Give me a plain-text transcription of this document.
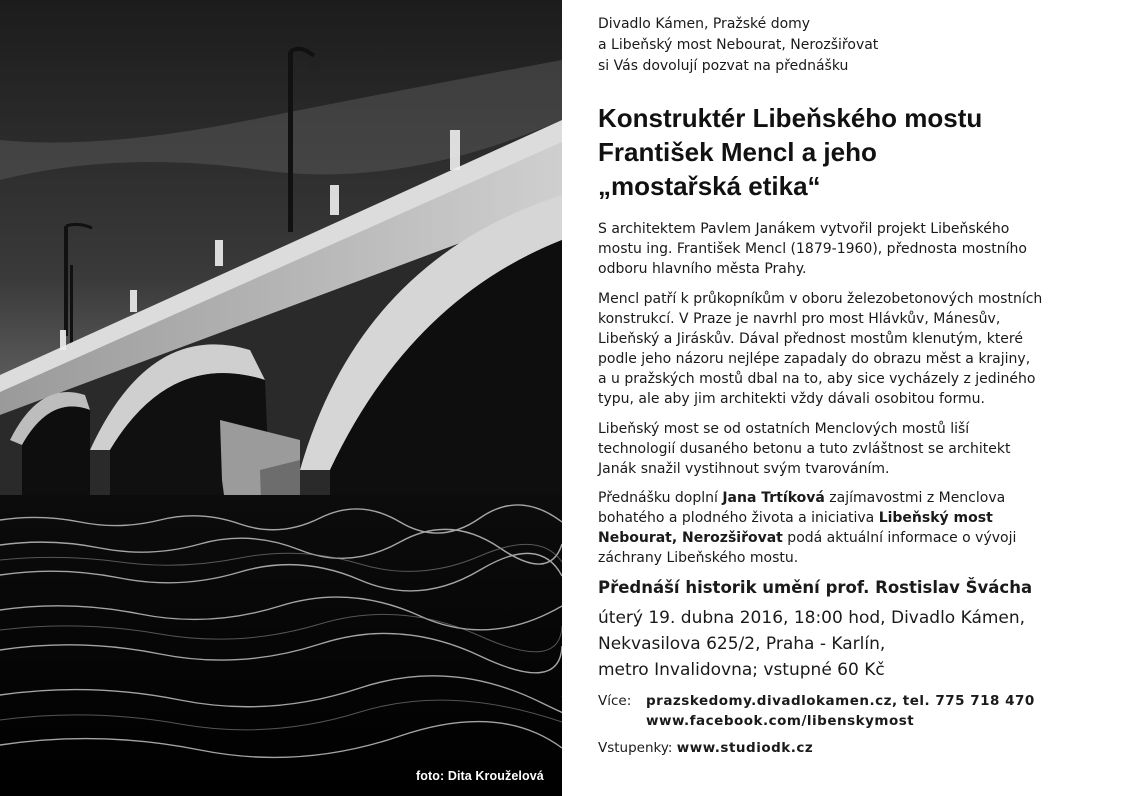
foto: Dita Krouželová
Divadlo Kámen, Pražské domy
a Libeňský most Nebourat, Nerozšiřovat
si Vás dovolují pozvat na přednášku
Konstruktér Libeňského mostu
František Mencl a jeho
„mostařská etika“
S architektem Pavlem Janákem vytvořil projekt Libeňského
mostu ing. František Mencl (1879-1960), přednosta mostního
odboru hlavního města Prahy.
Mencl patří k průkopníkům v oboru železobetonových mostních
konstrukcí. V Praze je navrhl pro most Hlávkův, Mánesův,
Libeňský a Jiráskův. Dával přednost mostům klenutým, které
podle jeho názoru nejlépe zapadaly do obrazu měst a krajiny,
a u pražských mostů dbal na to, aby sice vycházely z jediného
typu, ale aby jim architekti vždy dávali osobitou formu.
Libeňský most se od ostatních Menclových mostů liší
technologií dusaného betonu a tuto zvláštnost se architekt
Janák snažil vystihnout svým tvarováním.
Přednášku doplní Jana Trtíková zajímavostmi z Menclova
bohatého a plodného života a iniciativa Libeňský most
Nebourat, Nerozšiřovat podá aktuální informace o vývoji
záchrany Libeňského mostu.
Přednáší historik umění prof. Rostislav Švácha
úterý 19. dubna 2016, 18:00 hod, Divadlo Kámen,
Nekvasilova 625/2, Praha - Karlín,
metro Invalidovna; vstupné 60 Kč
Více: prazskedomy.divadlokamen.cz, tel. 775 718 470
www.facebook.com/libenskymost
Vstupenky: www.studiodk.cz
